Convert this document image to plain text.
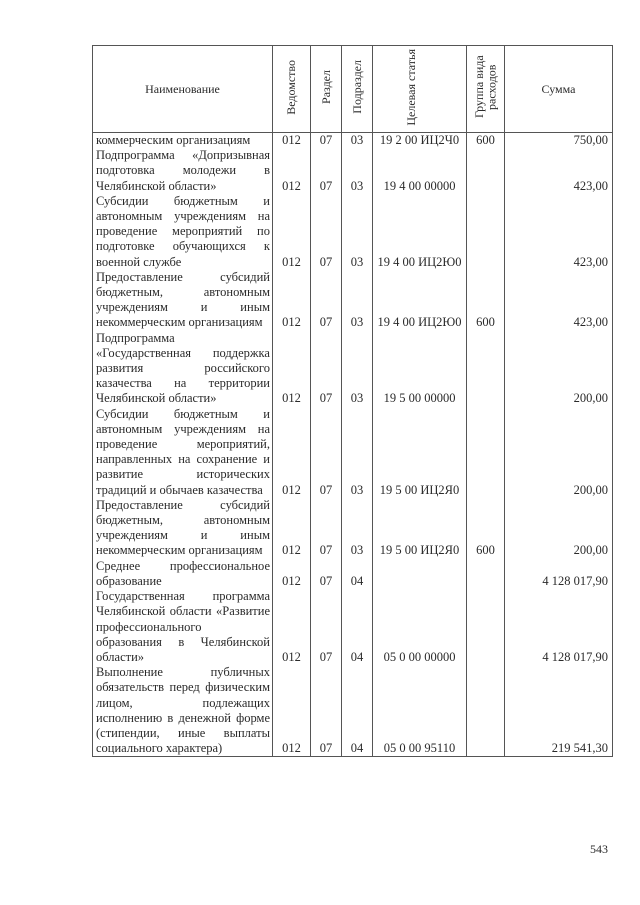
Наименование	Ведомство	Раздел	Подраздел	Целевая статья	Группа вида расходов	Сумма
коммерческим организациям	012	07	03	19 2 00 ИЦ2Ч0	600	750,00
Подпрограмма «Допризывная подготовка молодежи в Челябинской области»	012	07	03	19 4 00 00000		423,00
Субсидии бюджетным и автономным учреждениям на проведение мероприятий по подготовке обучающихся к военной службе	012	07	03	19 4 00 ИЦ2Ю0		423,00
Предоставление субсидий бюджетным, автономным учреждениям и иным некоммерческим организациям	012	07	03	19 4 00 ИЦ2Ю0	600	423,00
Подпрограмма «Государственная поддержка развития российского казачества на территории Челябинской области»	012	07	03	19 5 00 00000		200,00
Субсидии бюджетным и автономным учреждениям на проведение мероприятий, направленных на сохранение и развитие исторических традиций и обычаев казачества	012	07	03	19 5 00 ИЦ2Я0		200,00
Предоставление субсидий бюджетным, автономным учреждениям и иным некоммерческим организациям	012	07	03	19 5 00 ИЦ2Я0	600	200,00
Среднее профессиональное образование	012	07	04			4 128 017,90
Государственная программа Челябинской области «Развитие профессионального образования в Челябинской области»	012	07	04	05 0 00 00000		4 128 017,90
Выполнение публичных обязательств перед физическим лицом, подлежащих исполнению в денежной форме (стипендии, иные выплаты социального характера)	012	07	04	05 0 00 95110		219 541,30
543
